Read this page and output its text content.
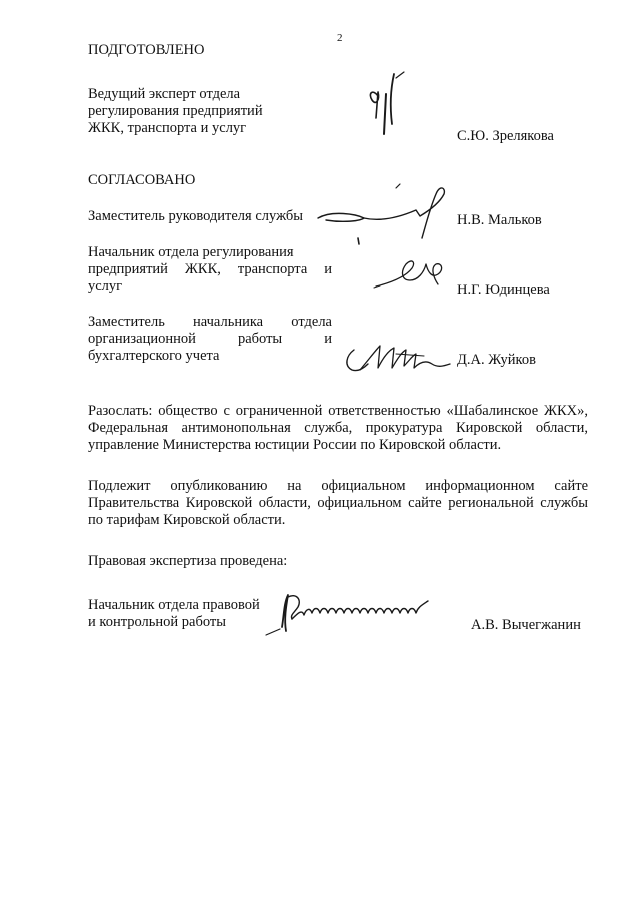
2
ПОДГОТОВЛЕНО
Ведущий эксперт отдела
регулирования предприятий
ЖКК, транспорта и услуг	С.Ю. Зрелякова
СОГЛАСОВАНО
Заместитель руководителя службы	Н.В. Мальков
Начальник отдела регулирования
предприятий ЖКК, транспорта и
услуг	Н.Г. Юдинцева
Заместитель начальника отдела
организационной работы и
бухгалтерского учета	Д.А. Жуйков
Разослать: общество с ограниченной ответственностью «Шабалинское ЖКХ», Федеральная антимонопольная служба, прокуратура Кировской области, управление Министерства юстиции России по Кировской области.
Подлежит опубликованию на официальном информационном сайте Правительства Кировской области, официальном сайте региональной службы по тарифам Кировской области.
Правовая экспертиза проведена:
Начальник отдела правовой
и контрольной работы	А.В. Вычегжанин
